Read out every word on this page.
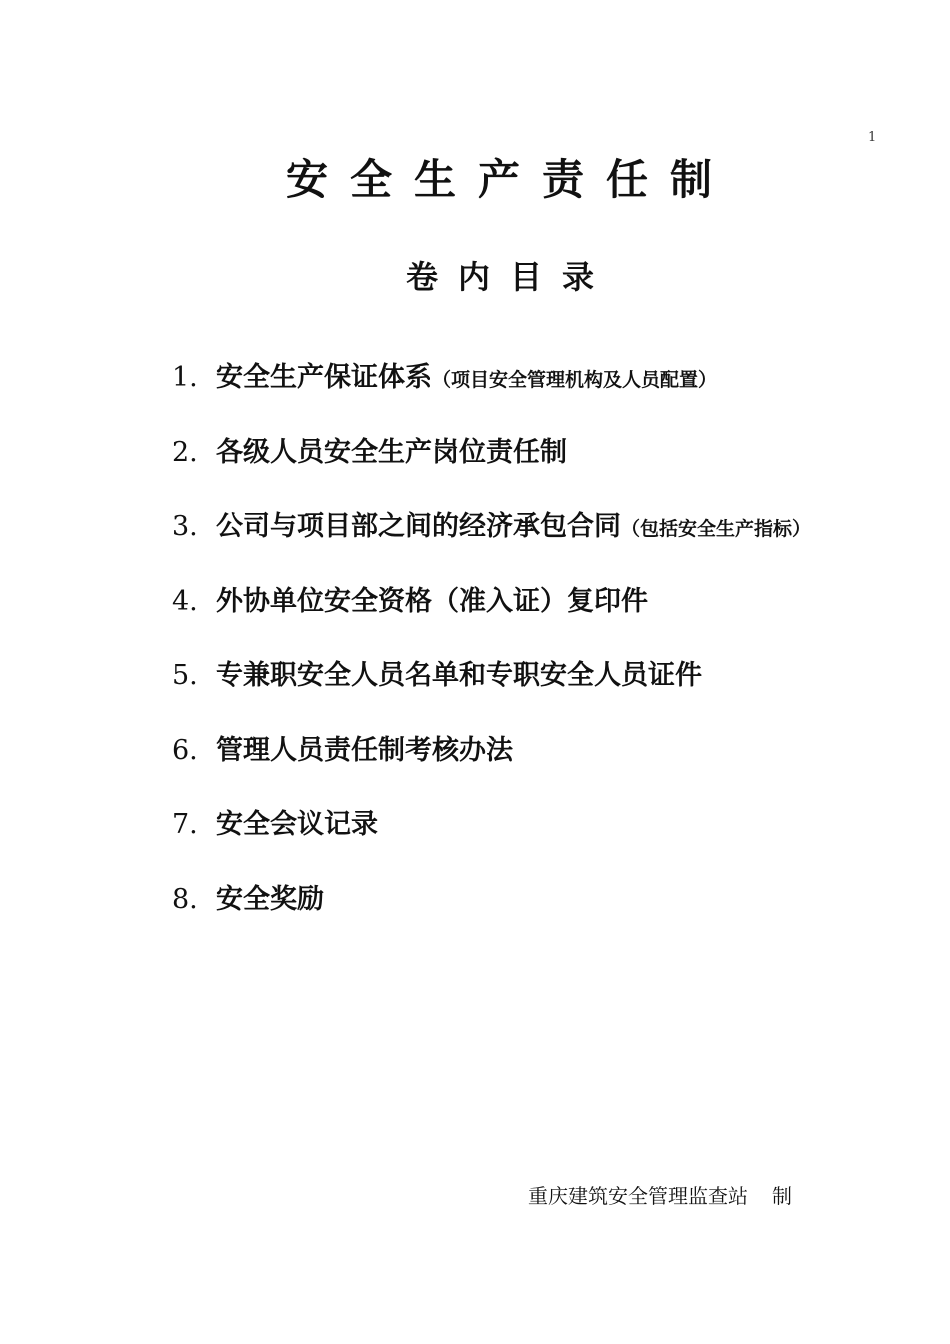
1
安全生产责任制
卷内目录
1. 安全生产保证体系（项目安全管理机构及人员配置）
2. 各级人员安全生产岗位责任制
3. 公司与项目部之间的经济承包合同（包括安全生产指标）
4. 外协单位安全资格（准入证）复印件
5. 专兼职安全人员名单和专职安全人员证件
6. 管理人员责任制考核办法
7. 安全会议记录
8. 安全奖励
重庆建筑安全管理监查站 制
